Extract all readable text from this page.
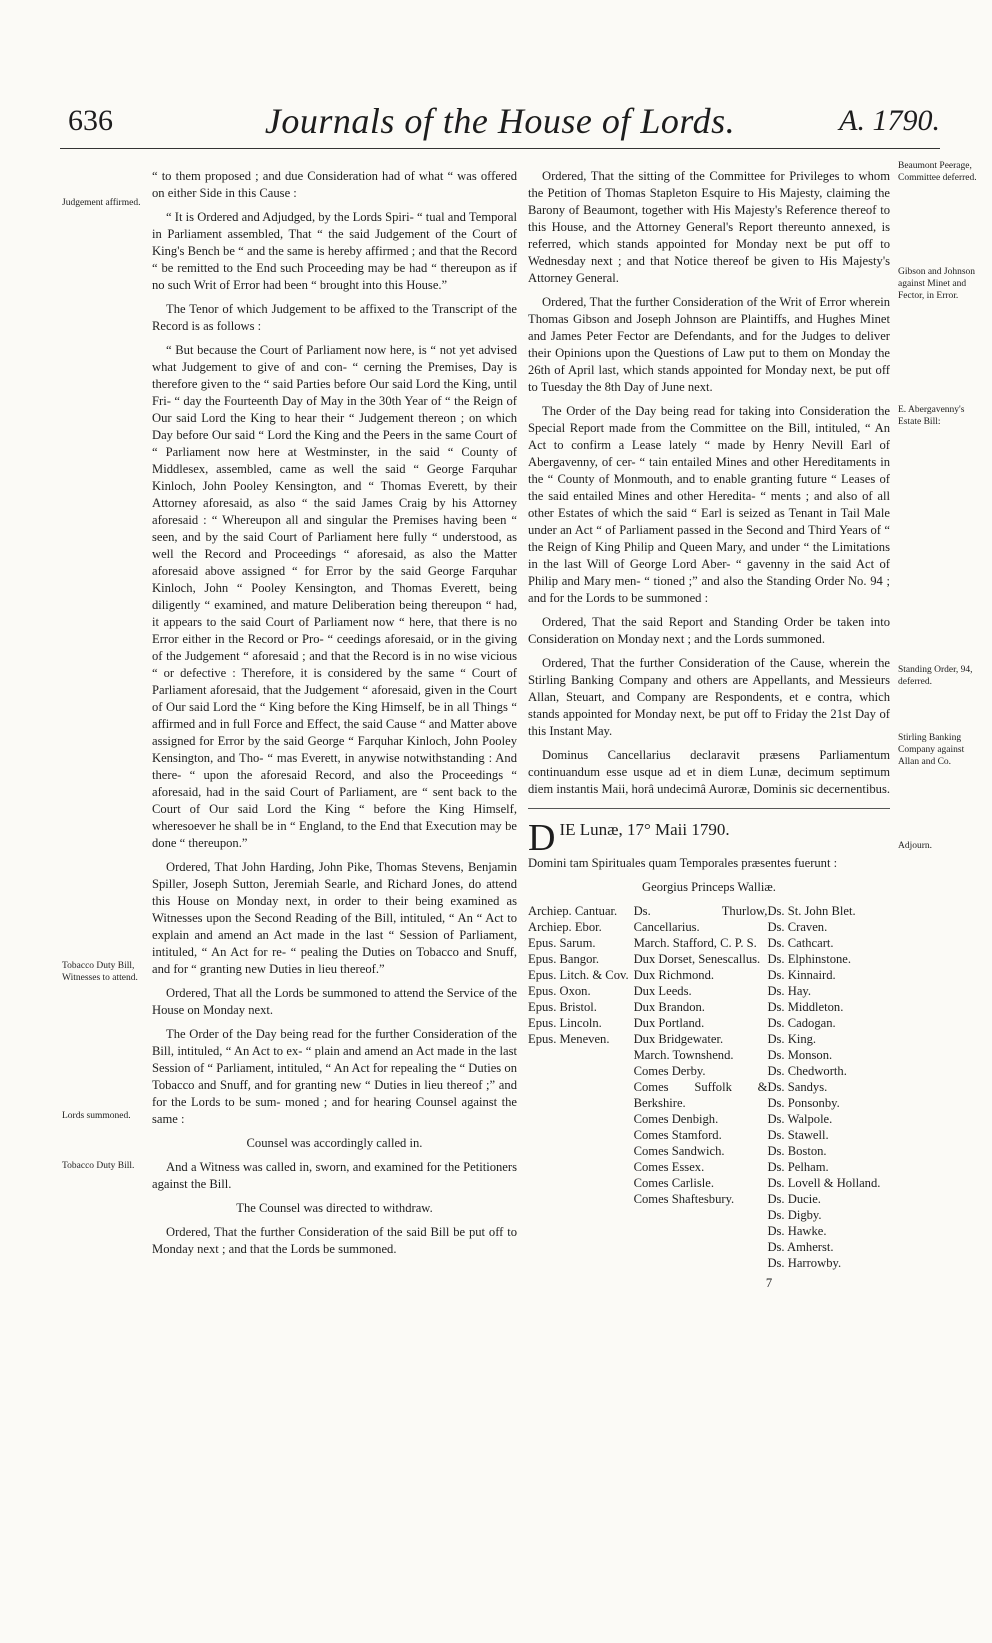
636	Journals of the House of Lords.	A. 1790.
Judgement affirmed.
Tobacco Duty Bill, Witnesses to attend.
Lords summoned.
Tobacco Duty Bill.
Beaumont Peerage, Committee deferred.
Gibson and Johnson against Minet and Fector, in Error.
E. Abergavenny's Estate Bill:
Standing Order, 94, deferred.
Stirling Banking Company against Allan and Co.
Adjourn.

“ to them proposed ; and due Consideration had of what “ was offered on either Side in this Cause :

“ It is Ordered and Adjudged, by the Lords Spiri- “ tual and Temporal in Parliament assembled, That “ the said Judgement of the Court of King's Bench be “ and the same is hereby affirmed ; and that the Record “ be remitted to the End such Proceeding may be had “ thereupon as if no such Writ of Error had been “ brought into this House.”

The Tenor of which Judgement to be affixed to the Transcript of the Record is as follows :

“ But because the Court of Parliament now here, is “ not yet advised what Judgement to give of and con- “ cerning the Premises, Day is therefore given to the “ said Parties before Our said Lord the King, until Fri- “ day the Fourteenth Day of May in the 30th Year of “ the Reign of Our said Lord the King to hear their “ Judgement thereon ; on which Day before Our said “ Lord the King and the Peers in the same Court of “ Parliament now here at Westminster, in the said “ County of Middlesex, assembled, came as well the said “ George Farquhar Kinloch, John Pooley Kensington, and “ Thomas Everett, by their Attorney aforesaid, as also “ the said James Craig by his Attorney aforesaid : “ Whereupon all and singular the Premises having been “ seen, and by the said Court of Parliament here fully “ understood, as well the Record and Proceedings “ aforesaid, as also the Matter aforesaid above assigned “ for Error by the said George Farquhar Kinloch, John “ Pooley Kensington, and Thomas Everett, being diligently “ examined, and mature Deliberation being thereupon “ had, it appears to the said Court of Parliament now “ here, that there is no Error either in the Record or Pro- “ ceedings aforesaid, or in the giving of the Judgement “ aforesaid ; and that the Record is in no wise vicious “ or defective : Therefore, it is considered by the same “ Court of Parliament aforesaid, that the Judgement “ aforesaid, given in the Court of Our said Lord the “ King before the King Himself, be in all Things “ affirmed and in full Force and Effect, the said Cause “ and Matter above assigned for Error by the said George “ Farquhar Kinloch, John Pooley Kensington, and Tho- “ mas Everett, in anywise notwithstanding : And there- “ upon the aforesaid Record, and also the Proceedings “ aforesaid, had in the said Court of Parliament, are “ sent back to the Court of Our said Lord the King “ before the King Himself, wheresoever he shall be in “ England, to the End that Execution may be done “ thereupon.”

Ordered, That John Harding, John Pike, Thomas Stevens, Benjamin Spiller, Joseph Sutton, Jeremiah Searle, and Richard Jones, do attend this House on Monday next, in order to their being examined as Witnesses upon the Second Reading of the Bill, intituled, “ An “ Act to explain and amend an Act made in the last “ Session of Parliament, intituled, “ An Act for re- “ pealing the Duties on Tobacco and Snuff, and for “ granting new Duties in lieu thereof.”

Ordered, That all the Lords be summoned to attend the Service of the House on Monday next.

The Order of the Day being read for the further Consideration of the Bill, intituled, “ An Act to ex- “ plain and amend an Act made in the last Session of “ Parliament, intituled, “ An Act for repealing the “ Duties on Tobacco and Snuff, and for granting new “ Duties in lieu thereof ;” and for the Lords to be sum- moned ; and for hearing Counsel against the same :

Counsel was accordingly called in.

And a Witness was called in, sworn, and examined for the Petitioners against the Bill.

The Counsel was directed to withdraw.

Ordered, That the further Consideration of the said Bill be put off to Monday next ; and that the Lords be summoned.

Ordered, That the sitting of the Committee for Privileges to whom the Petition of Thomas Stapleton Esquire to His Majesty, claiming the Barony of Beaumont, together with His Majesty's Reference thereof to this House, and the Attorney General's Report thereunto annexed, is referred, which stands appointed for Monday next be put off to Wednesday next ; and that Notice thereof be given to His Majesty's Attorney General.

Ordered, That the further Consideration of the Writ of Error wherein Thomas Gibson and Joseph Johnson are Plaintiffs, and Hughes Minet and James Peter Fector are Defendants, and for the Judges to deliver their Opinions upon the Questions of Law put to them on Monday the 26th of April last, which stands appointed for Monday next, be put off to Tuesday the 8th Day of June next.

The Order of the Day being read for taking into Consideration the Special Report made from the Committee on the Bill, intituled, “ An Act to confirm a Lease lately “ made by Henry Nevill Earl of Abergavenny, of cer- “ tain entailed Mines and other Hereditaments in the “ County of Monmouth, and to enable granting future “ Leases of the said entailed Mines and other Heredita- “ ments ; and also of all other Estates of which the said “ Earl is seized as Tenant in Tail Male under an Act “ of Parliament passed in the Second and Third Years of “ the Reign of King Philip and Queen Mary, and under “ the Limitations in the last Will of George Lord Aber- “ gavenny in the said Act of Philip and Mary men- “ tioned ;” and also the Standing Order No. 94 ; and for the Lords to be summoned :

Ordered, That the said Report and Standing Order be taken into Consideration on Monday next ; and the Lords summoned.

Ordered, That the further Consideration of the Cause, wherein the Stirling Banking Company and others are Appellants, and Messieurs Allan, Steuart, and Company are Respondents, et e contra, which stands appointed for Monday next, be put off to Friday the 21st Day of this Instant May.

Dominus Cancellarius declaravit præsens Parliamentum continuandum esse usque ad et in diem Lunæ, decimum septimum diem instantis Maii, horâ undecimâ Auroræ, Dominis sic decernentibus.

D IE Lunæ, 17° Maii 1790.

Domini tam Spirituales quam Temporales præsentes fuerunt :

Georgius Princeps Walliæ.

Archiep. Cantuar.
Archiep. Ebor.
Epus. Sarum.
Epus. Bangor.
Epus. Litch. & Cov.
Epus. Oxon.
Epus. Bristol.
Epus. Lincoln.
Epus. Meneven.
Ds. Thurlow, Cancellarius.
March. Stafford, C. P. S.
Dux Dorset, Senescallus.
Dux Richmond.
Dux Leeds.
Dux Brandon.
Dux Portland.
Dux Bridgewater.
March. Townshend.
Comes Derby.
Comes Suffolk & Berkshire.
Comes Denbigh.
Comes Stamford.
Comes Sandwich.
Comes Essex.
Comes Carlisle.
Comes Shaftesbury.
Ds. St. John Blet.
Ds. Craven.
Ds. Cathcart.
Ds. Elphinstone.
Ds. Kinnaird.
Ds. Hay.
Ds. Middleton.
Ds. Cadogan.
Ds. King.
Ds. Monson.
Ds. Chedworth.
Ds. Sandys.
Ds. Ponsonby.
Ds. Walpole.
Ds. Stawell.
Ds. Boston.
Ds. Pelham.
Ds. Lovell & Holland.
Ds. Ducie.
Ds. Digby.
Ds. Hawke.
Ds. Amherst.
Ds. Harrowby.
7
